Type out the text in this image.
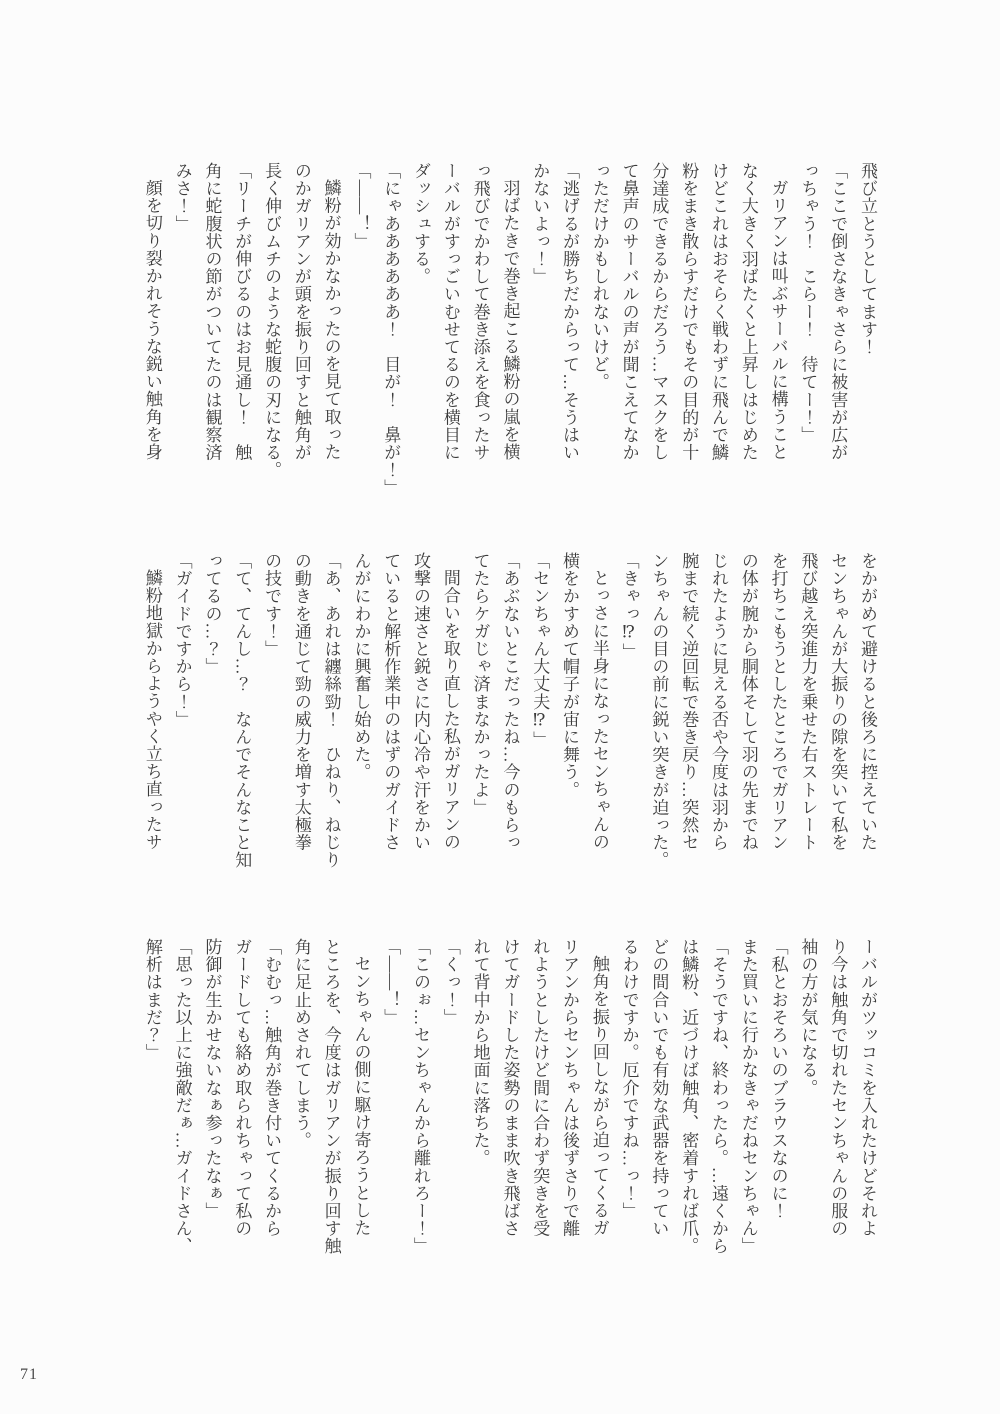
飛び立とうとしてます！
「ここで倒さなきゃさらに被害が広が
っちゃう！　こらー！　待てー！」
ガリアンは叫ぶサーバルに構うこと
なく大きく羽ばたくと上昇しはじめた
けどこれはおそらく戦わずに飛んで鱗
粉をまき散らすだけでもその目的が十
分達成できるからだろう…マスクをし
て鼻声のサーバルの声が聞こえてなか
っただけかもしれないけど。
「逃げるが勝ちだからって…そうはい
かないよっ！」
羽ばたきで巻き起こる鱗粉の嵐を横
っ飛びでかわして巻き添えを食ったサ
ーバルがすっごいむせてるのを横目に
ダッシュする。
「にゃああああああ！　目が！　鼻が！」
「――！」
鱗粉が効かなかったのを見て取った
のかガリアンが頭を振り回すと触角が
長く伸びムチのような蛇腹の刃になる。
「リーチが伸びるのはお見通し！　触
角に蛇腹状の節がついてたのは観察済
みさ！」
顔を切り裂かれそうな鋭い触角を身
をかがめて避けると後ろに控えていた
センちゃんが大振りの隙を突いて私を
飛び越え突進力を乗せた右ストレート
を打ちこもうとしたところでガリアン
の体が腕から胴体そして羽の先までね
じれたように見える否や今度は羽から
腕まで続く逆回転で巻き戻り…突然セ
ンちゃんの目の前に鋭い突きが迫った。
「きゃっ⁉」
とっさに半身になったセンちゃんの
横をかすめて帽子が宙に舞う。
「センちゃん大丈夫⁉」
「あぶないとこだったね…今のもらっ
てたらケガじゃ済まなかったよ」
間合いを取り直した私がガリアンの
攻撃の速さと鋭さに内心冷や汗をかい
ていると解析作業中のはずのガイドさ
んがにわかに興奮し始めた。
「あ、あれは纏絲勁！　ひねり、ねじり
の動きを通じて勁の威力を増す太極拳
の技です！」
「て、てんし…？　なんでそんなこと知
ってるの…？」
「ガイドですから！」
鱗粉地獄からようやく立ち直ったサ
ーバルがツッコミを入れたけどそれよ
り今は触角で切れたセンちゃんの服の
袖の方が気になる。
「私とおそろいのブラウスなのに！
また買いに行かなきゃだねセンちゃん」
「そうですね、終わったら。…遠くから
は鱗粉、近づけば触角、密着すれば爪。
どの間合いでも有効な武器を持ってい
るわけですか。厄介ですね…っ！」
触角を振り回しながら迫ってくるガ
リアンからセンちゃんは後ずさりで離
れようとしたけど間に合わず突きを受
けてガードした姿勢のまま吹き飛ばさ
れて背中から地面に落ちた。
「くっ！」
「このぉ…センちゃんから離れろー！」
「――！」
センちゃんの側に駆け寄ろうとした
ところを、今度はガリアンが振り回す触
角に足止めされてしまう。
「むむっ…触角が巻き付いてくるから
ガードしても絡め取られちゃって私の
防御が生かせないなぁ参ったなぁ」
「思った以上に強敵だぁ…ガイドさん、
解析はまだ？」
71
